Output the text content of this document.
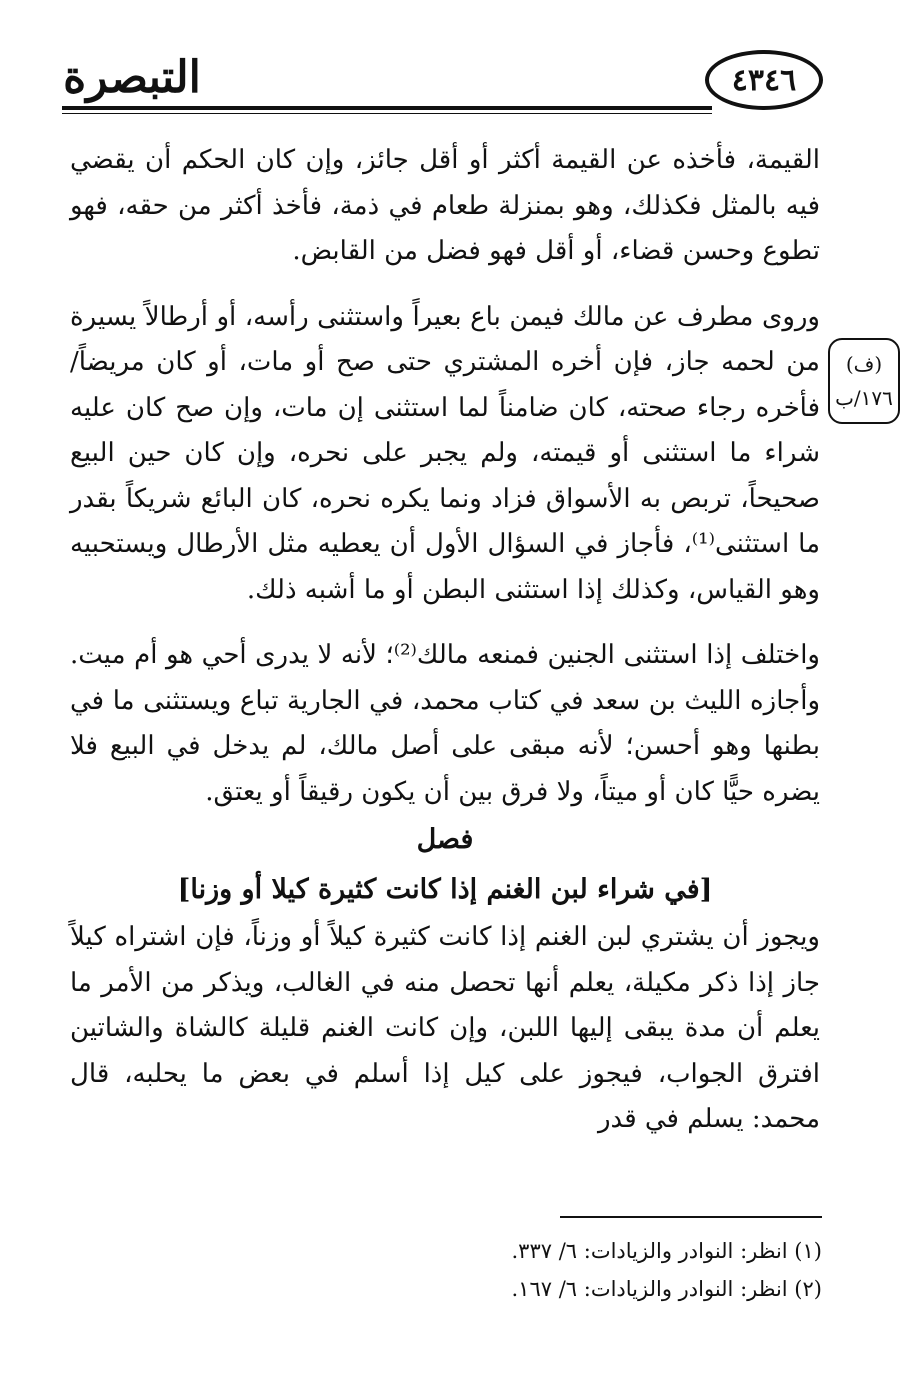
التبصرة	٤٣٤٦
(ف)
١٧٦/ب

القيمة، فأخذه عن القيمة أكثر أو أقل جائز، وإن كان الحكم أن يقضي فيه بالمثل فكذلك، وهو بمنزلة طعام في ذمة، فأخذ أكثر من حقه، فهو تطوع وحسن قضاء، أو أقل فهو فضل من القابض.

وروى مطرف عن مالك فيمن باع بعيراً واستثنى رأسه، أو أرطالاً يسيرة من لحمه جاز، فإن أخره المشتري حتى صح أو مات، أو كان مريضاً/ فأخره رجاء صحته، كان ضامناً لما استثنى إن مات، وإن صح كان عليه شراء ما استثنى أو قيمته، ولم يجبر على نحره، وإن كان حين البيع صحيحاً، تربص به الأسواق فزاد ونما يكره نحره، كان البائع شريكاً بقدر ما استثنى⁽¹⁾، فأجاز في السؤال الأول أن يعطيه مثل الأرطال ويستحبيه وهو القياس، وكذلك إذا استثنى البطن أو ما أشبه ذلك.

واختلف إذا استثنى الجنين فمنعه مالك⁽²⁾؛ لأنه لا يدرى أحي هو أم ميت. وأجازه الليث بن سعد في كتاب محمد، في الجارية تباع ويستثنى ما في بطنها وهو أحسن؛ لأنه مبقى على أصل مالك، لم يدخل في البيع فلا يضره حيًّا كان أو ميتاً، ولا فرق بين أن يكون رقيقاً أو يعتق.

فصل

[في شراء لبن الغنم إذا كانت كثيرة كيلا أو وزنا]

ويجوز أن يشتري لبن الغنم إذا كانت كثيرة كيلاً أو وزناً، فإن اشتراه كيلاً جاز إذا ذكر مكيلة، يعلم أنها تحصل منه في الغالب، ويذكر من الأمر ما يعلم أن مدة يبقى إليها اللبن، وإن كانت الغنم قليلة كالشاة والشاتين افترق الجواب، فيجوز على كيل إذا أسلم في بعض ما يحلبه، قال محمد: يسلم في قدر

(١) انظر: النوادر والزيادات: ٦/ ٣٣٧.

(٢) انظر: النوادر والزيادات: ٦/ ١٦٧.
